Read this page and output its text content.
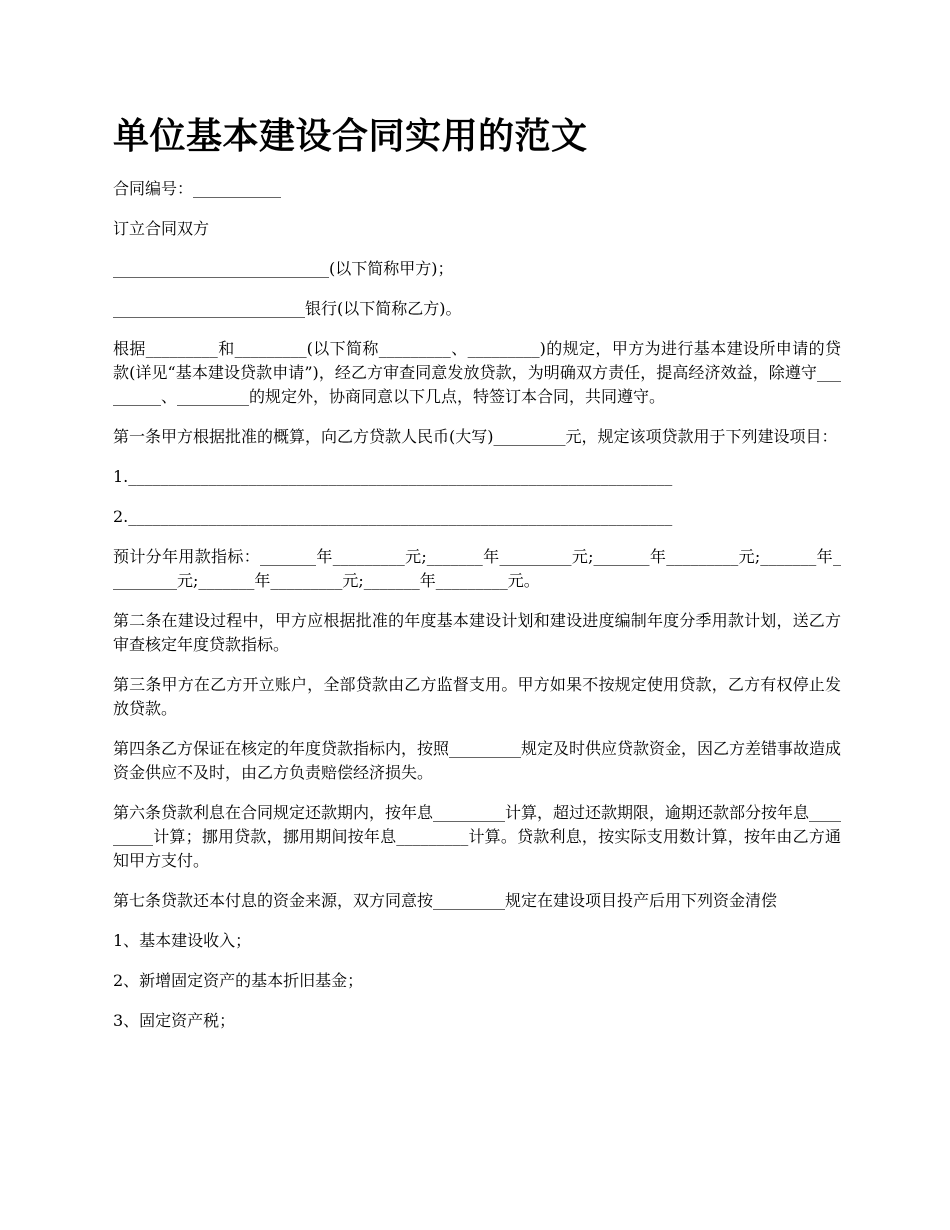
单位基本建设合同实用的范文

合同编号：___________

订立合同双方

___________________________(以下简称甲方)；

________________________银行(以下简称乙方)。

根据_________和_________(以下简称_________、_________)的规定，甲方为进行基本建设所申请的贷款(详见“基本建设贷款申请”)，经乙方审查同意发放贷款，为明确双方责任，提高经济效益，除遵守_________、_________的规定外，协商同意以下几点，特签订本合同，共同遵守。

第一条甲方根据批准的概算，向乙方贷款人民币(大写)_________元，规定该项贷款用于下列建设项目：

1.____________________________________________________________________

2.____________________________________________________________________

预计分年用款指标：_______年_________元;_______年_________元;_______年_________元;_______年_________元;_______年_________元;_______年_________元。

第二条在建设过程中，甲方应根据批准的年度基本建设计划和建设进度编制年度分季用款计划，送乙方审查核定年度贷款指标。

第三条甲方在乙方开立账户，全部贷款由乙方监督支用。甲方如果不按规定使用贷款，乙方有权停止发放贷款。

第四条乙方保证在核定的年度贷款指标内，按照_________规定及时供应贷款资金，因乙方差错事故造成资金供应不及时，由乙方负责赔偿经济损失。

第六条贷款利息在合同规定还款期内，按年息_________计算，超过还款期限，逾期还款部分按年息_________计算；挪用贷款，挪用期间按年息_________计算。贷款利息，按实际支用数计算，按年由乙方通知甲方支付。

第七条贷款还本付息的资金来源，双方同意按_________规定在建设项目投产后用下列资金清偿

1、基本建设收入；

2、新增固定资产的基本折旧基金；

3、固定资产税；
